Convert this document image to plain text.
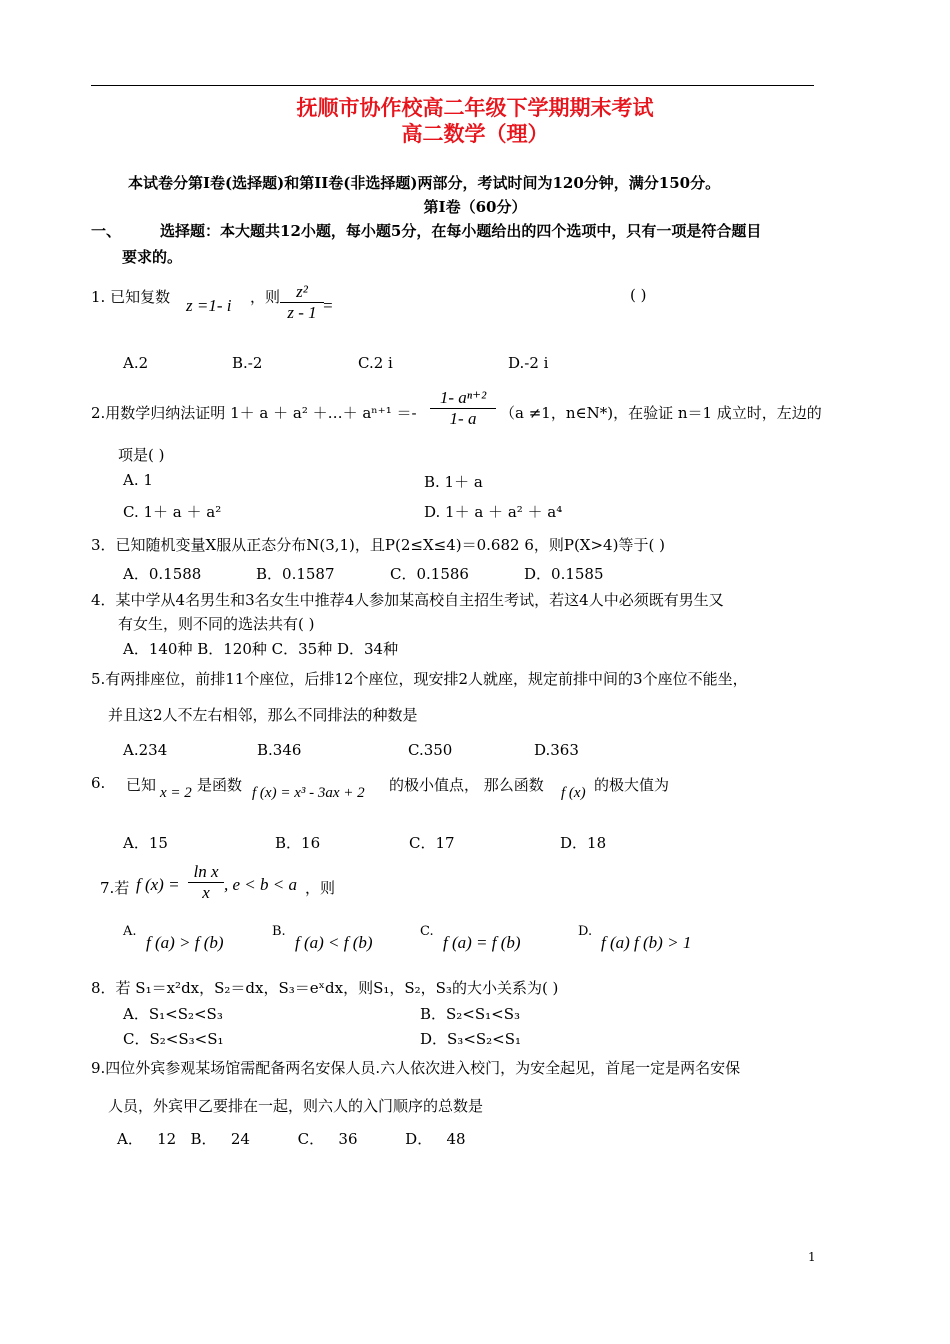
抚顺市协作校高二年级下学期期末考试
高二数学（理）
本试卷分第Ⅰ卷(选择题)和第II卷(非选择题)两部分，考试时间为120分钟，满分150分。
第Ⅰ卷（60分）
一、	选择题：本大题共12小题，每小题5分，在每小题给出的四个选项中，只有一项是符合题目
要求的。
1. 已知复数 z =1- i ，则 $\frac{\text{z²}}{z - 1}$
=
( )
A.2	B.-2	C.2 i	D.-2 i
2.用数学归纳法证明 1＋ a ＋ a² ＋…＋ $a^{n+1} =- \frac{\text{1- aⁿ⁺²}}{1- a} (a \ne 1$，n∈N*)，在验证 n＝1 成立时，左边的
项是( )
A. 1	B. 1＋ a
C. 1＋ a ＋ a²	D. 1＋ a ＋ a² ＋ a⁴
3．已知随机变量X服从正态分布N(3,1)，且P(2≤X≤4)＝0.682 6，则P(X>4)等于( )
A．0.1588	B．0.1587	C．0.1586	D．0.1585
4．某中学从4名男生和3名女生中推荐4人参加某高校自主招生考试，若这4人中必须既有男生又
有女生，则不同的选法共有( )
A．140种 B．120种 C．35种 D．34种
5.有两排座位，前排11个座位，后排12个座位，现安排2人就座，规定前排中间的3个座位不能坐，
并且这2人不左右相邻，那么不同排法的种数是
A.234	B.346	C.350	D.363
6. 已知 x = 2 是函数 f (x) = x³ - 3ax + 2 的极小值点， 那么函数 f (x) 的极大值为
A．15	B．16	C．17	D．18
7.若 f $(x) = \frac{\text{ln x}}{x}$ , e < b < a ，则
A.
f (a) > f (b)
B.
f (a) < f (b)
C.
f (a) = f (b)
D.
f (a) f (b) > 1
8．若 S₁＝x²dx，S₂＝dx，S₃＝eˣdx，则S₁，S₂，S₃的大小关系为( )
A．S₁<S₂<S₃	B．S₂<S₁<S₃
C．S₂<S₃<S₁	D．S₃<S₂<S₁
9.四位外宾参观某场馆需配备两名安保人员.六人依次进入校门，为安全起见，首尾一定是两名安保
人员，外宾甲乙要排在一起，则六人的入门顺序的总数是
A．   12   B．   24          C．   36          D．   48
1
